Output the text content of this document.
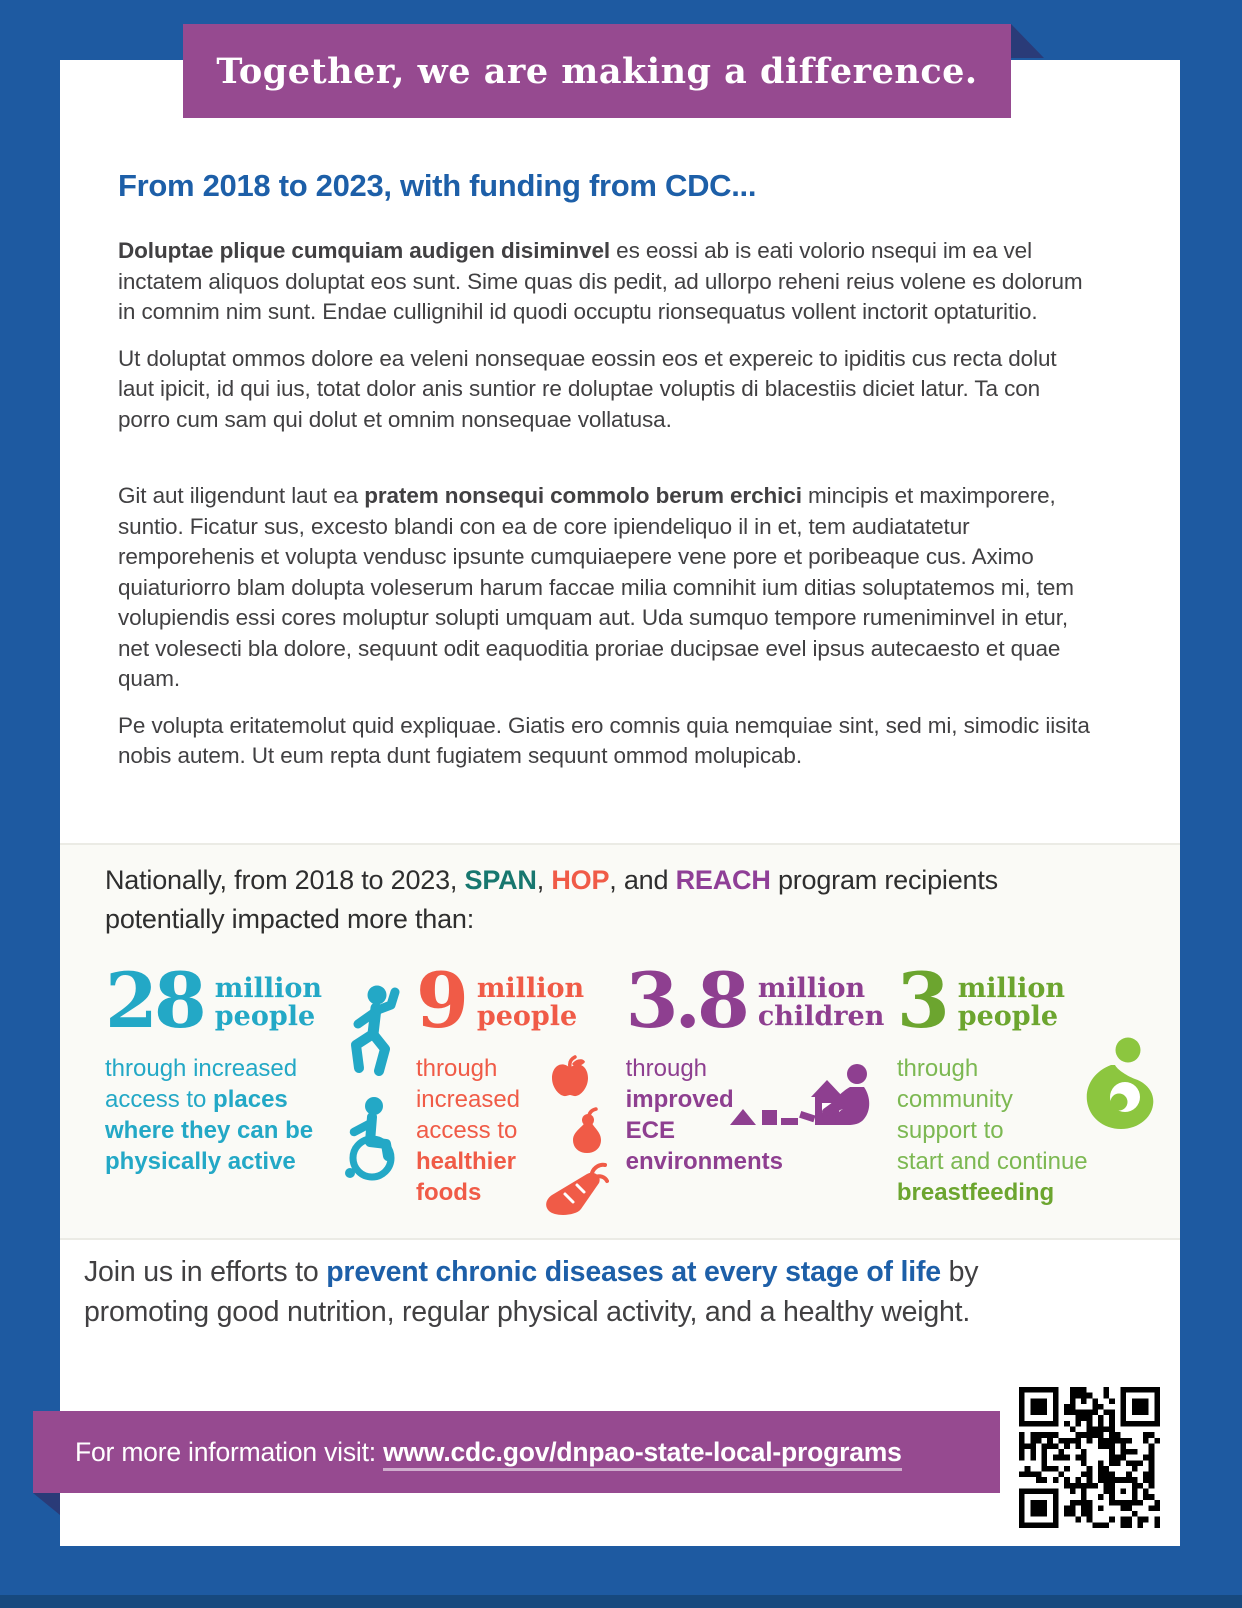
Together, we are making a difference.
From 2018 to 2023, with funding from CDC...

Doluptae plique cumquiam audigen disiminvel es eossi ab is eati volorio nsequi im ea vel inctatem aliquos doluptat eos sunt. Sime quas dis pedit, ad ullorpo reheni reius volene es dolorum in comnim nim sunt. Endae cullignihil id quodi occuptu rionsequatus vollent inctorit optaturitio.

Ut doluptat ommos dolore ea veleni nonsequae eossin eos et expereic to ipiditis cus recta dolut laut ipicit, id qui ius, totat dolor anis suntior re doluptae voluptis di blacestiis diciet latur. Ta con porro cum sam qui dolut et omnim nonsequae vollatusa.

Git aut iligendunt laut ea pratem nonsequi commolo berum erchici mincipis et maximporere, suntio. Ficatur sus, excesto blandi con ea de core ipiendeliquo il in et, tem audiatatetur remporehenis et volupta vendusc ipsunte cumquiaepere vene pore et poribeaque cus. Aximo quiaturiorro blam dolupta voleserum harum faccae milia comnihit ium ditias soluptatemos mi, tem volupiendis essi cores moluptur solupti umquam aut. Uda sumquo tempore rumeniminvel in etur, net volesecti bla dolore, sequunt odit eaquoditia proriae ducipsae evel ipsus autecaesto et quae quam.

Pe volupta eritatemolut quid expliquae. Giatis ero comnis quia nemquiae sint, sed mi, simodic iisita nobis autem. Ut eum repta dunt fugiatem sequunt ommod molupicab.

Nationally, from 2018 to 2023, SPAN, HOP, and REACH program recipients potentially impacted more than:
28 million
people
through increased
access to places
where they can be
physically active
9 million
people
through
increased
access to
healthier
foods
3.8 million
children
through
improved
ECE
environments
3 million
people
through
community
support to
start and continue
breastfeeding
Join us in efforts to prevent chronic diseases at every stage of life by promoting good nutrition, regular physical activity, and a healthy weight.
For more information visit: www.cdc.gov/dnpao-state-local-programs
